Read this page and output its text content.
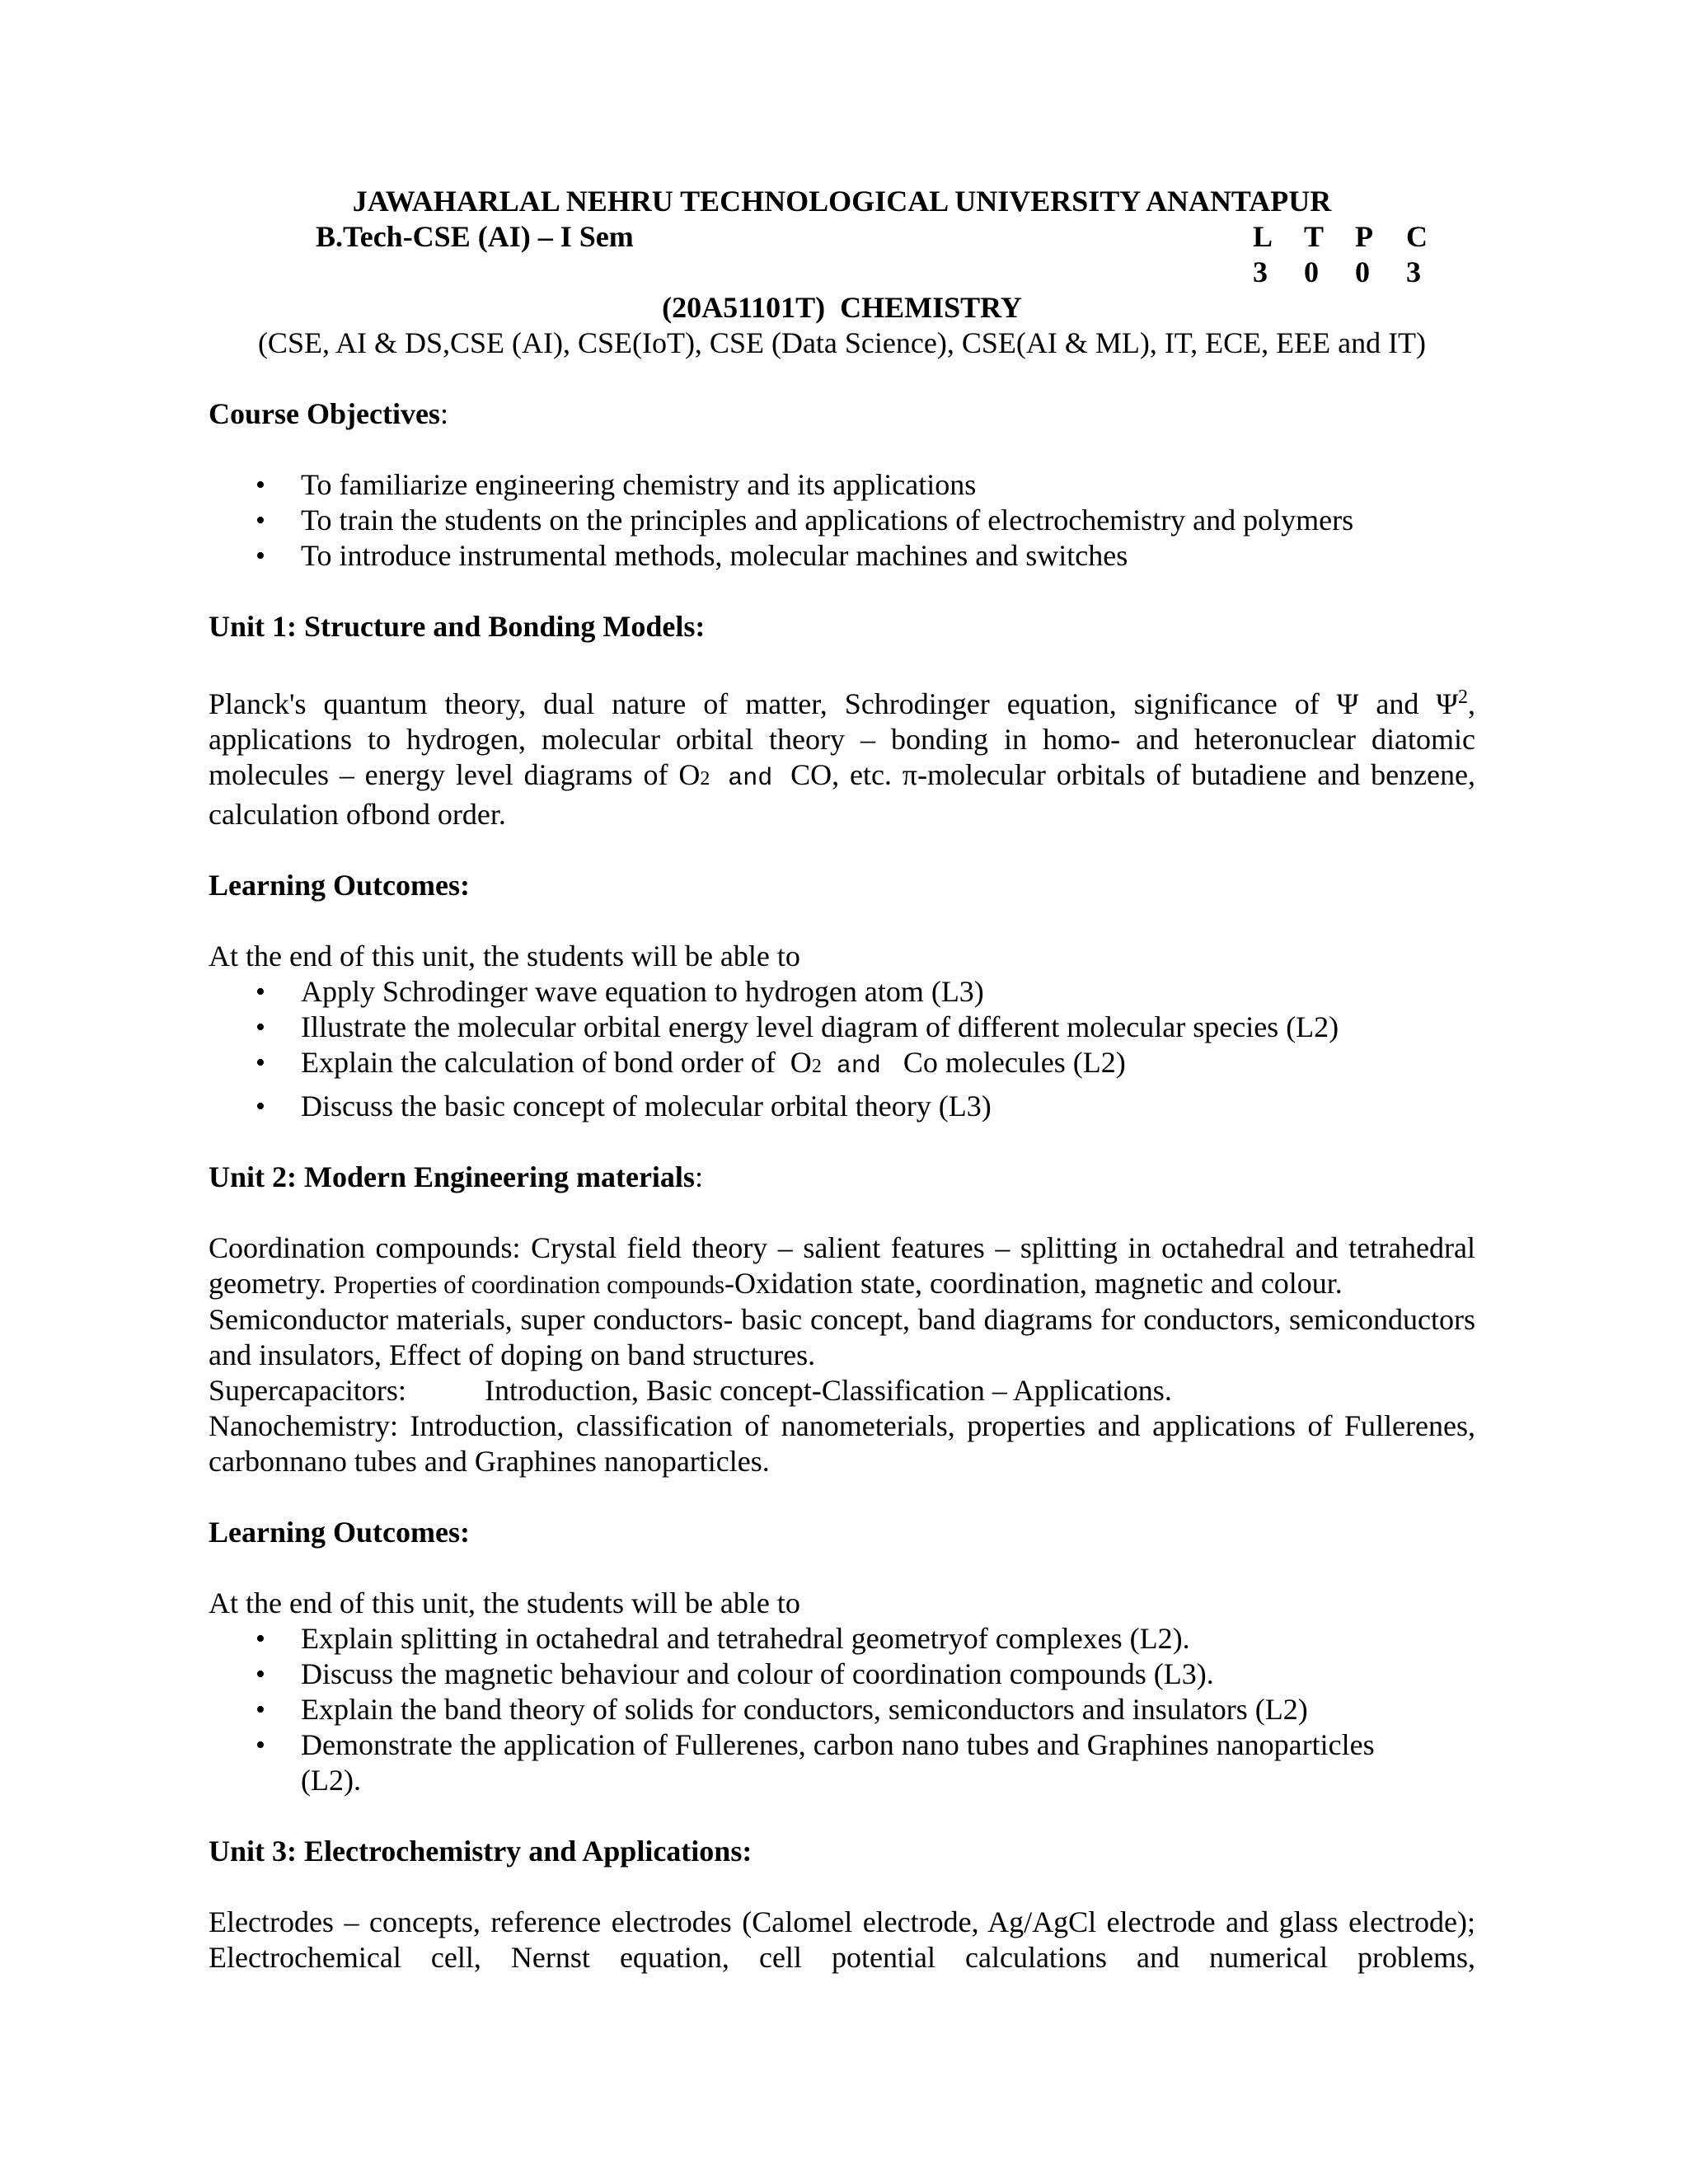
JAWAHARLAL NEHRU TECHNOLOGICAL UNIVERSITY ANANTAPUR
B.Tech-CSE (AI) – I Sem	L T P C
3 0 0 3
(20A51101T)  CHEMISTRY
(CSE, AI & DS,CSE (AI), CSE(IoT), CSE (Data Science), CSE(AI & ML), IT, ECE, EEE and IT)

Course Objectives:

• To familiarize engineering chemistry and its applications
• To train the students on the principles and applications of electrochemistry and polymers
• To introduce instrumental methods, molecular machines and switches

Unit 1: Structure and Bonding Models:

Planck's quantum theory, dual nature of matter, Schrodinger equation, significance of Ψ and $\Psi^2$, applications to hydrogen, molecular orbital theory – bonding in homo- and heteronuclear diatomic molecules – energy level diagrams of O2 and CO, etc. π-molecular orbitals of butadiene and benzene, calculation ofbond order.

Learning Outcomes:

At the end of this unit, the students will be able to

• Apply Schrodinger wave equation to hydrogen atom (L3)
• Illustrate the molecular orbital energy level diagram of different molecular species (L2)
• Explain the calculation of bond order of  O2 and  Co molecules (L2)
• Discuss the basic concept of molecular orbital theory (L3)

Unit 2: Modern Engineering materials:

Coordination compounds: Crystal field theory – salient features – splitting in octahedral and tetrahedral geometry. Properties of coordination compounds-Oxidation state, coordination, magnetic and colour.

Semiconductor materials, super conductors- basic concept, band diagrams for conductors, semiconductors and insulators, Effect of doping on band structures.

Supercapacitors:	Introduction, Basic concept-Classification – Applications.

Nanochemistry: Introduction, classification of nanometerials, properties and applications of Fullerenes, carbonnano tubes and Graphines nanoparticles.

Learning Outcomes:

At the end of this unit, the students will be able to

• Explain splitting in octahedral and tetrahedral geometryof complexes (L2).
• Discuss the magnetic behaviour and colour of coordination compounds (L3).
• Explain the band theory of solids for conductors, semiconductors and insulators (L2)
• Demonstrate the application of Fullerenes, carbon nano tubes and Graphines nanoparticles (L2).

Unit 3: Electrochemistry and Applications:

Electrodes – concepts, reference electrodes (Calomel electrode, Ag/AgCl electrode and glass electrode); Electrochemical cell, Nernst equation, cell potential calculations and numerical problems,
